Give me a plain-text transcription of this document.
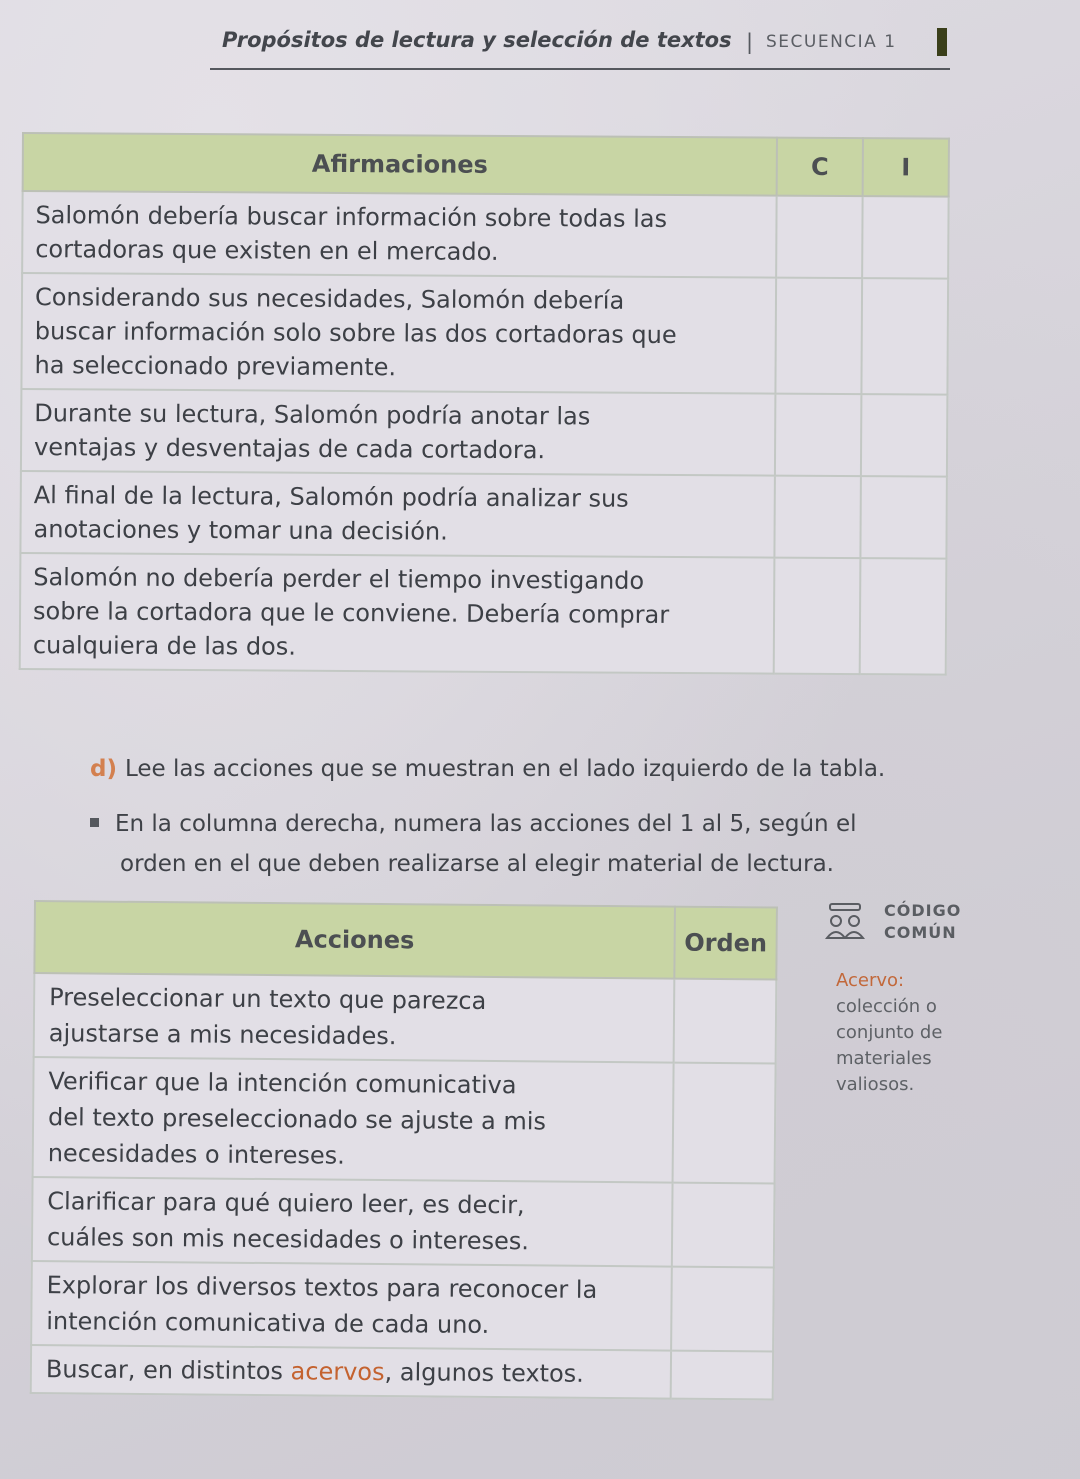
Propósitos de lectura y selección de textos | SECUENCIA 1
Afirmaciones	C	I

Salomón debería buscar información sobre todas las
cortadoras que existen en el mercado.		

Considerando sus necesidades, Salomón debería
buscar información solo sobre las dos cortadoras que
ha seleccionado previamente.		

Durante su lectura, Salomón podría anotar las
ventajas y desventajas de cada cortadora.		

Al final de la lectura, Salomón podría analizar sus
anotaciones y tomar una decisión.		

Salomón no debería perder el tiempo investigando
sobre la cortadora que le conviene. Debería comprar
cualquiera de las dos.		

d) Lee las acciones que se muestran en el lado izquierdo de la tabla.
En la columna derecha, numera las acciones del 1 al 5, según el
orden en el que deben realizarse al elegir material de lectura.
Acciones	Orden

Preseleccionar un texto que parezca
ajustarse a mis necesidades.	

Verificar que la intención comunicativa
del texto preseleccionado se ajuste a mis
necesidades o intereses.	

Clarificar para qué quiero leer, es decir,
cuáles son mis necesidades o intereses.	

Explorar los diversos textos para reconocer la
intención comunicativa de cada uno.	

Buscar, en distintos acervos, algunos textos.	

CÓDIGO
COMÚN
Acervo:
colección o
conjunto de
materiales
valiosos.
